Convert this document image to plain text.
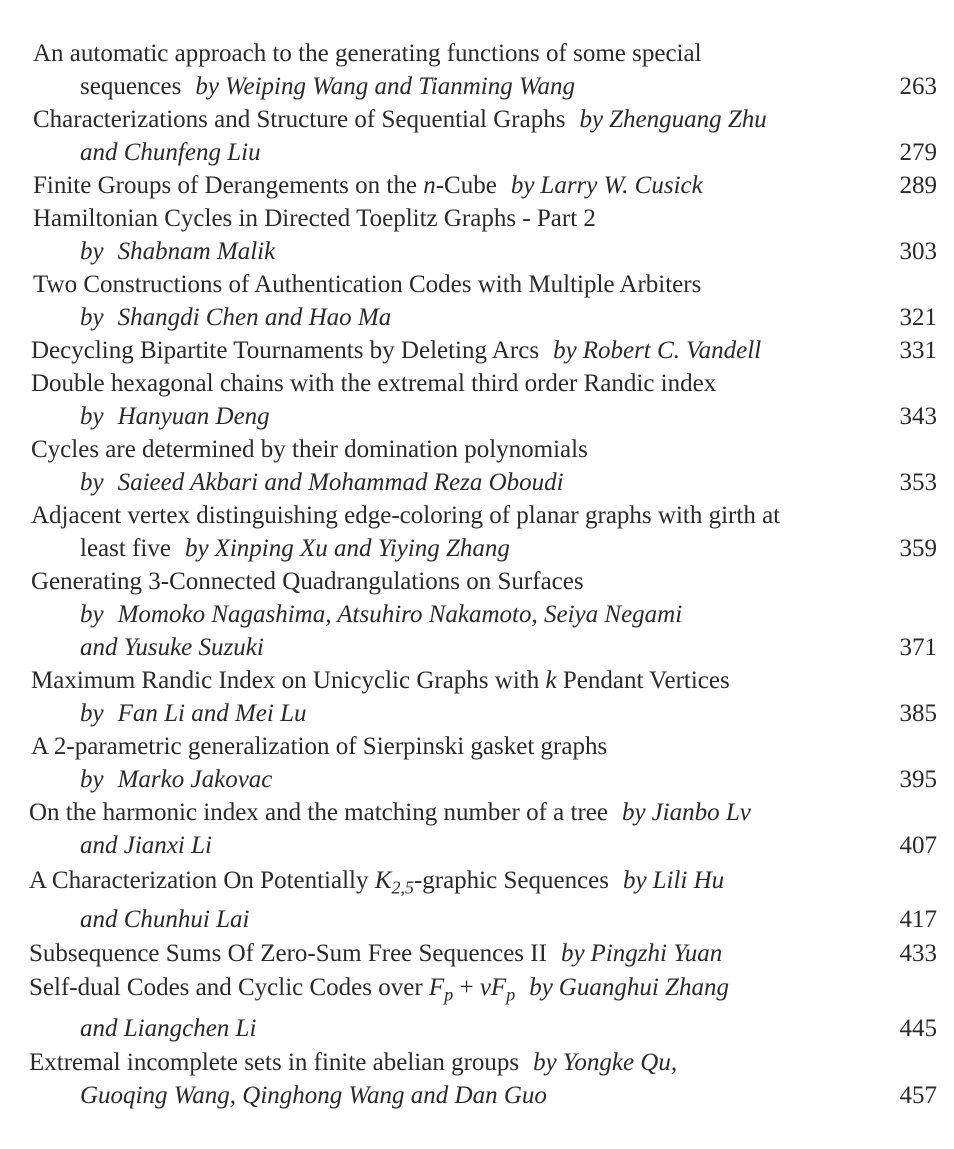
An automatic approach to the generating functions of some special
sequences by Weiping Wang and Tianming Wang	263
Characterizations and Structure of Sequential Graphs by Zhenguang Zhu
and Chunfeng Liu	279
Finite Groups of Derangements on the n-Cube by Larry W. Cusick	289
Hamiltonian Cycles in Directed Toeplitz Graphs - Part 2
by Shabnam Malik	303
Two Constructions of Authentication Codes with Multiple Arbiters
by Shangdi Chen and Hao Ma	321
Decycling Bipartite Tournaments by Deleting Arcs by Robert C. Vandell	331
Double hexagonal chains with the extremal third order Randic index
by Hanyuan Deng	343
Cycles are determined by their domination polynomials
by Saieed Akbari and Mohammad Reza Oboudi	353
Adjacent vertex distinguishing edge-coloring of planar graphs with girth at
least five by Xinping Xu and Yiying Zhang	359
Generating 3-Connected Quadrangulations on Surfaces
by Momoko Nagashima, Atsuhiro Nakamoto, Seiya Negami
and Yusuke Suzuki	371
Maximum Randic Index on Unicyclic Graphs with k Pendant Vertices
by Fan Li and Mei Lu	385
A 2-parametric generalization of Sierpinski gasket graphs
by Marko Jakovac	395
On the harmonic index and the matching number of a tree by Jianbo Lv
and Jianxi Li	407
A Characterization On Potentially $K_{2,5}$-graphic Sequences by Lili Hu
and Chunhui Lai	417
Subsequence Sums Of Zero-Sum Free Sequences II by Pingzhi Yuan	433
Self-dual Codes and Cyclic Codes over $F_p + vF_p$ by Guanghui Zhang
and Liangchen Li	445
Extremal incomplete sets in finite abelian groups by Yongke Qu,
Guoqing Wang, Qinghong Wang and Dan Guo	457
